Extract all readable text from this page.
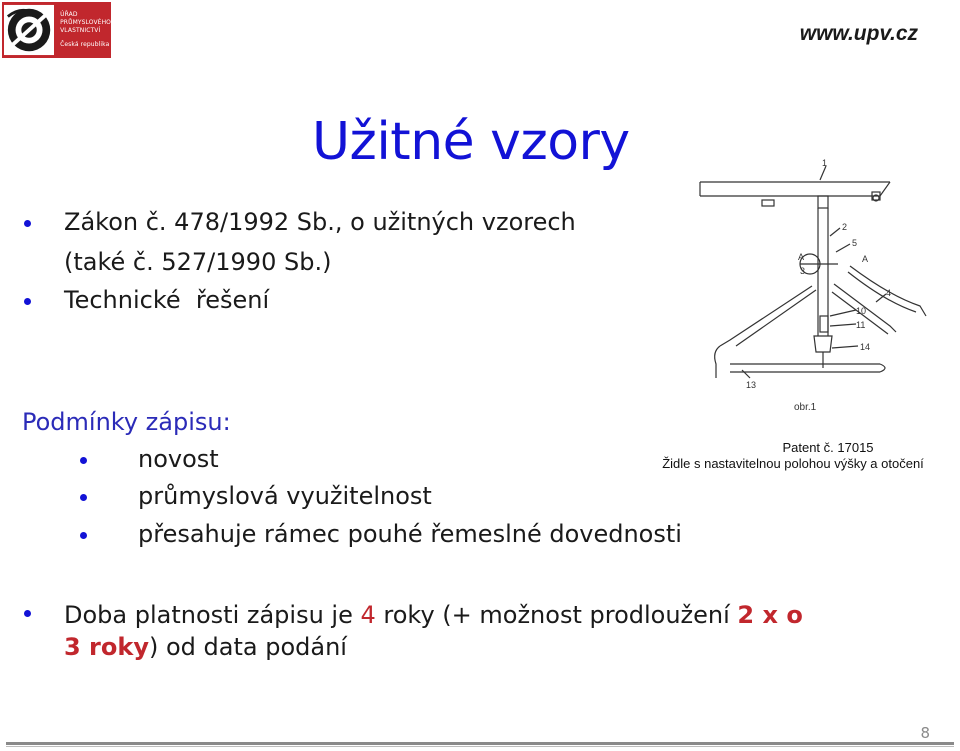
ÚŘAD
PRŮMYSLOVÉHO
VLASTNICTVÍ
Česká republika	www.upv.cz
Užitné vzory
Zákon č. 478/1992 Sb., o užitných vzorech
(také č. 527/1990 Sb.)
Technické  řešení
Podmínky zápisu:
novost
průmyslová využitelnost
přesahuje rámec pouhé řemeslné dovednosti
1
2
3
4
5
10
11
13
14
A	A
obr.1
Patent č. 17015
Židle s nastavitelnou polohou výšky a otočení
Doba platnosti zápisu je 4 roky (+ možnost prodloužení 2 x o
3 roky) od data podání
8
